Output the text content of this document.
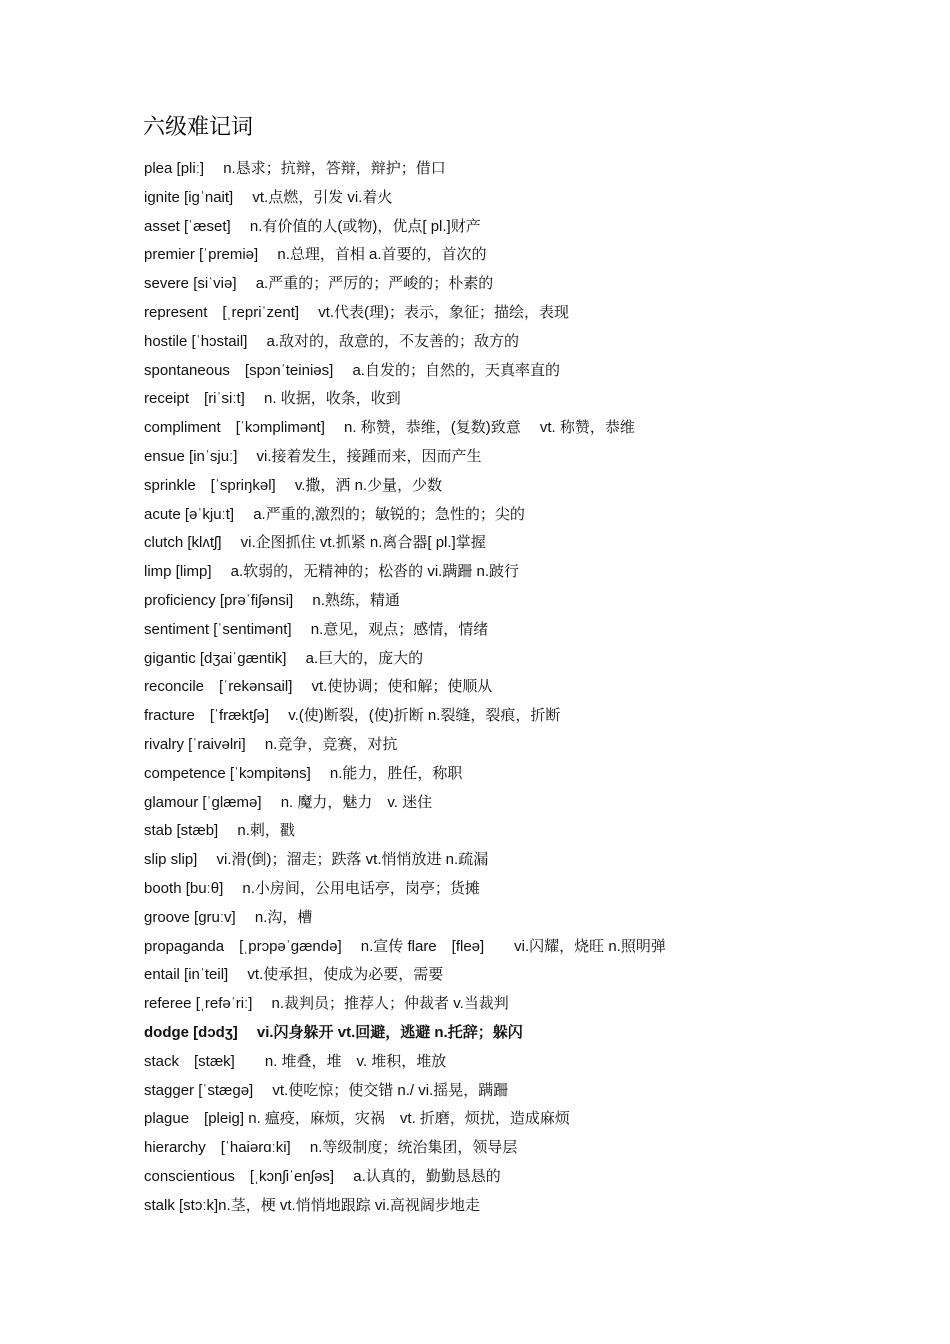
六级难记词
plea [pliː]　 n.恳求；抗辩，答辩，辩护；借口
ignite [igˈnait]　 vt.点燃，引发 vi.着火
asset [ˈæset]　 n.有价值的人(或物)，优点[ pl.]财产
premier [ˈpremiə]　 n.总理，首相 a.首要的，首次的
severe [siˈviə]　 a.严重的；严厉的；严峻的；朴素的
represent　[ˌrepriˈzent]　 vt.代表(理)；表示，象征；描绘，表现
hostile [ˈhɔstail]　 a.敌对的，敌意的，不友善的；敌方的
spontaneous　[spɔnˈteiniəs]　 a.自发的；自然的，天真率直的
receipt　[riˈsiːt]　 n. 收据，收条，收到
compliment　[ˈkɔmplimənt]　 n. 称赞，恭维，(复数)致意　 vt. 称赞，恭维
ensue [inˈsjuː]　 vi.接着发生，接踵而来，因而产生
sprinkle　[ˈspriŋkəl]　 v.撒，洒 n.少量，少数
acute [əˈkjuːt]　 a.严重的,激烈的；敏锐的；急性的；尖的
clutch [klʌtʃ]　 vi.企图抓住 vt.抓紧 n.离合器[ pl.]掌握
limp [limp]　 a.软弱的，无精神的；松沓的 vi.蹒跚 n.跛行
proficiency [prəˈfiʃənsi]　 n.熟练，精通
sentiment [ˈsentimənt]　 n.意见，观点；感情，情绪
gigantic [dʒaiˈgæntik]　 a.巨大的，庞大的
reconcile　[ˈrekənsail]　 vt.使协调；使和解；使顺从
fracture　[ˈfræktʃə]　 v.(使)断裂，(使)折断 n.裂缝，裂痕，折断
rivalry [ˈraivəlri]　 n.竞争，竞赛，对抗
competence [ˈkɔmpitəns]　 n.能力，胜任，称职
glamour [ˈglæmə]　 n. 魔力，魅力　v. 迷住
stab [stæb]　 n.刺，戳
slip slip]　 vi.滑(倒)；溜走；跌落 vt.悄悄放进 n.疏漏
booth [buːθ]　 n.小房间，公用电话亭，岗亭；货摊
groove [gruːv]　 n.沟，槽
propaganda　[ˌprɔpəˈgændə]　 n.宣传 flare　[fleə]　　vi.闪耀，烧旺 n.照明弹
entail [inˈteil]　 vt.使承担，使成为必要，需要
referee [ˌrefəˈriː]　 n.裁判员；推荐人；仲裁者 v.当裁判
dodge [dɔdʒ]　 vi.闪身躲开 vt.回避，逃避 n.托辞；躲闪
stack　[stæk]　　n. 堆叠，堆　v. 堆积，堆放
stagger [ˈstægə]　 vt.使吃惊；使交错 n./ vi.摇晃，蹒跚
plague　[pleig] n. 瘟疫，麻烦，灾祸　vt. 折磨，烦扰，造成麻烦
hierarchy　[ˈhaiərɑːki]　 n.等级制度；统治集团，领导层
conscientious　[ˌkɔnʃiˈenʃəs]　 a.认真的，勤勤恳恳的
stalk [stɔːk]n.茎，梗 vt.悄悄地跟踪 vi.高视阔步地走
